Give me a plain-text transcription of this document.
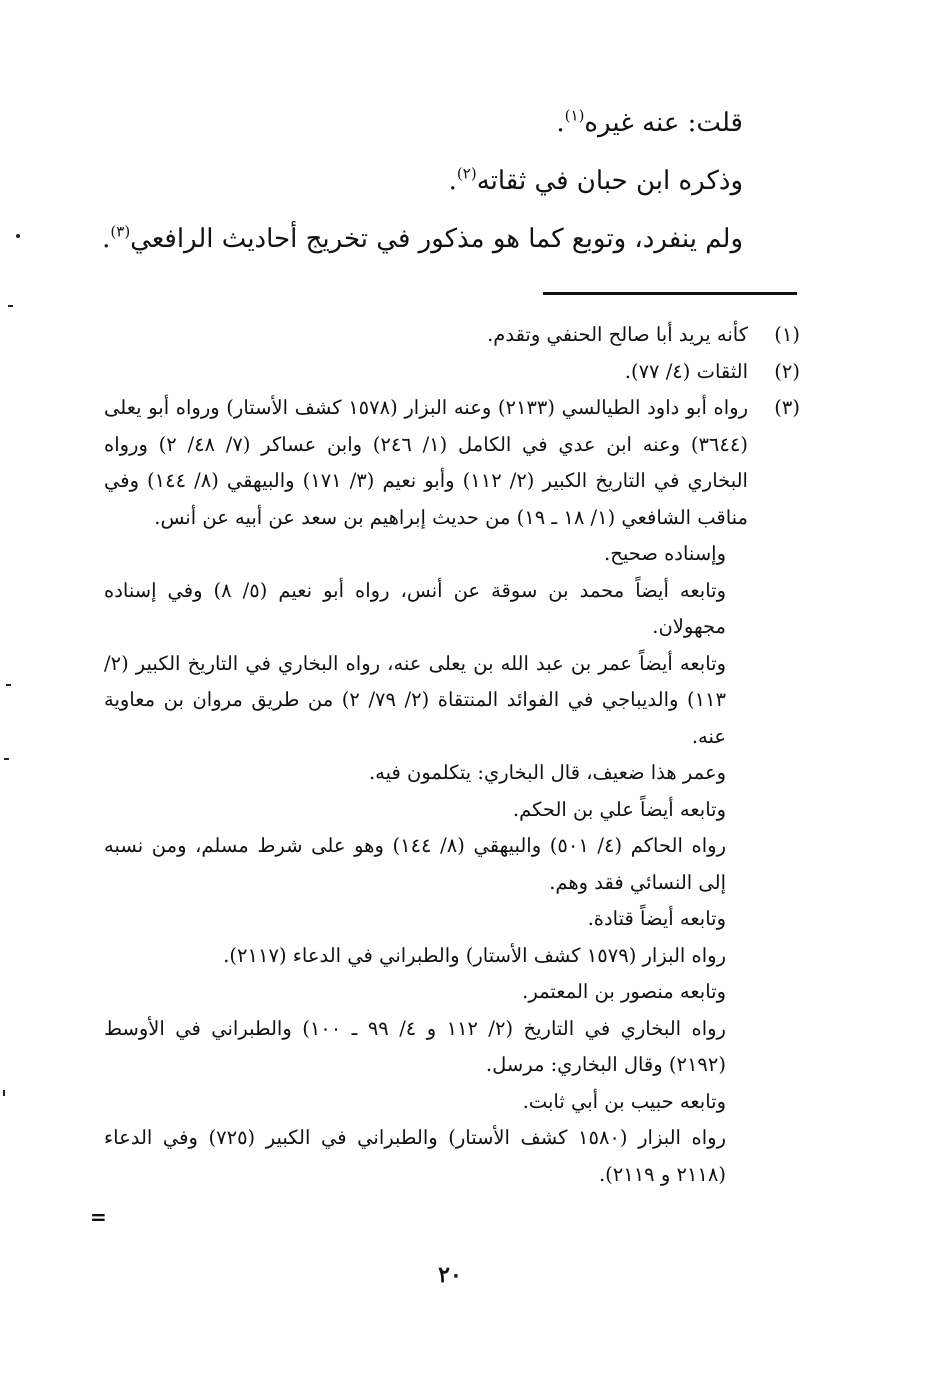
قلت: عنه غيره$^{(١)}$.
وذكره ابن حبان في ثقاته$^{(٢)}$.
ولم ينفرد، وتوبع كما هو مذكور في تخريج أحاديث الرافعي$^{(٣)}$.
(١)

كأنه يريد أبا صالح الحنفي وتقدم.

(٢)

الثقات (٤/ ٧٧).

(٣)

رواه أبو داود الطيالسي (٢١٣٣) وعنه البزار (١٥٧٨ كشف الأستار) ورواه أبو يعلى (٣٦٤٤) وعنه ابن عدي في الكامل (١/ ٢٤٦) وابن عساكر (٧/ ٤٨/ ٢) ورواه البخاري في التاريخ الكبير (٢/ ١١٢) وأبو نعيم (٣/ ١٧١) والبيهقي (٨/ ١٤٤) وفي مناقب الشافعي (١/ ١٨ ـ ١٩) من حديث إبراهيم بن سعد عن أبيه عن أنس.

وإسناده صحيح.

وتابعه أيضاً محمد بن سوقة عن أنس، رواه أبو نعيم (٥/ ٨) وفي إسناده مجهولان.

وتابعه أيضاً عمر بن عبد الله بن يعلى عنه، رواه البخاري في التاريخ الكبير (٢/ ١١٣) والديباجي في الفوائد المنتقاة (٢/ ٧٩/ ٢) من طريق مروان بن معاوية عنه.

وعمر هذا ضعيف، قال البخاري: يتكلمون فيه.

وتابعه أيضاً علي بن الحكم.

رواه الحاكم (٤/ ٥٠١) والبيهقي (٨/ ١٤٤) وهو على شرط مسلم، ومن نسبه إلى النسائي فقد وهم.

وتابعه أيضاً قتادة.

رواه البزار (١٥٧٩ كشف الأستار) والطبراني في الدعاء (٢١١٧).

وتابعه منصور بن المعتمر.

رواه البخاري في التاريخ (٢/ ١١٢ و ٤/ ٩٩ ـ ١٠٠) والطبراني في الأوسط (٢١٩٢) وقال البخاري: مرسل.

وتابعه حبيب بن أبي ثابت.

رواه البزار (١٥٨٠ كشف الأستار) والطبراني في الكبير (٧٢٥) وفي الدعاء (٢١١٨ و ٢١١٩).

=
٢٠
